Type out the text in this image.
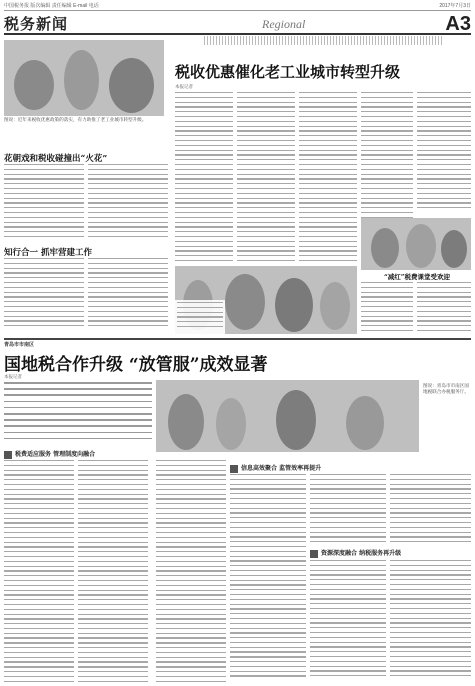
中国税务报 版次编辑 责任编辑 E-mail 电话	2017年7月3日
税务新闻	Regional	A3
图说：近年来税收优惠政策的落实，有力助推了老工业城市转型升级。
税收优惠催化老工业城市转型升级
本报记者
花朝戏和税收碰撞出“火花”
知行合一 抓牢营建工作
“减红”税费课堂受欢迎
青岛市市南区
国地税合作升级 “放管服”成效显著
本报记者
图说：青岛市市南区国地税联合办税服务厅。
税费适应服务 管理制度向融合
信息高效聚合 监管效率再提升
资源深度融合 纳税服务再升级
